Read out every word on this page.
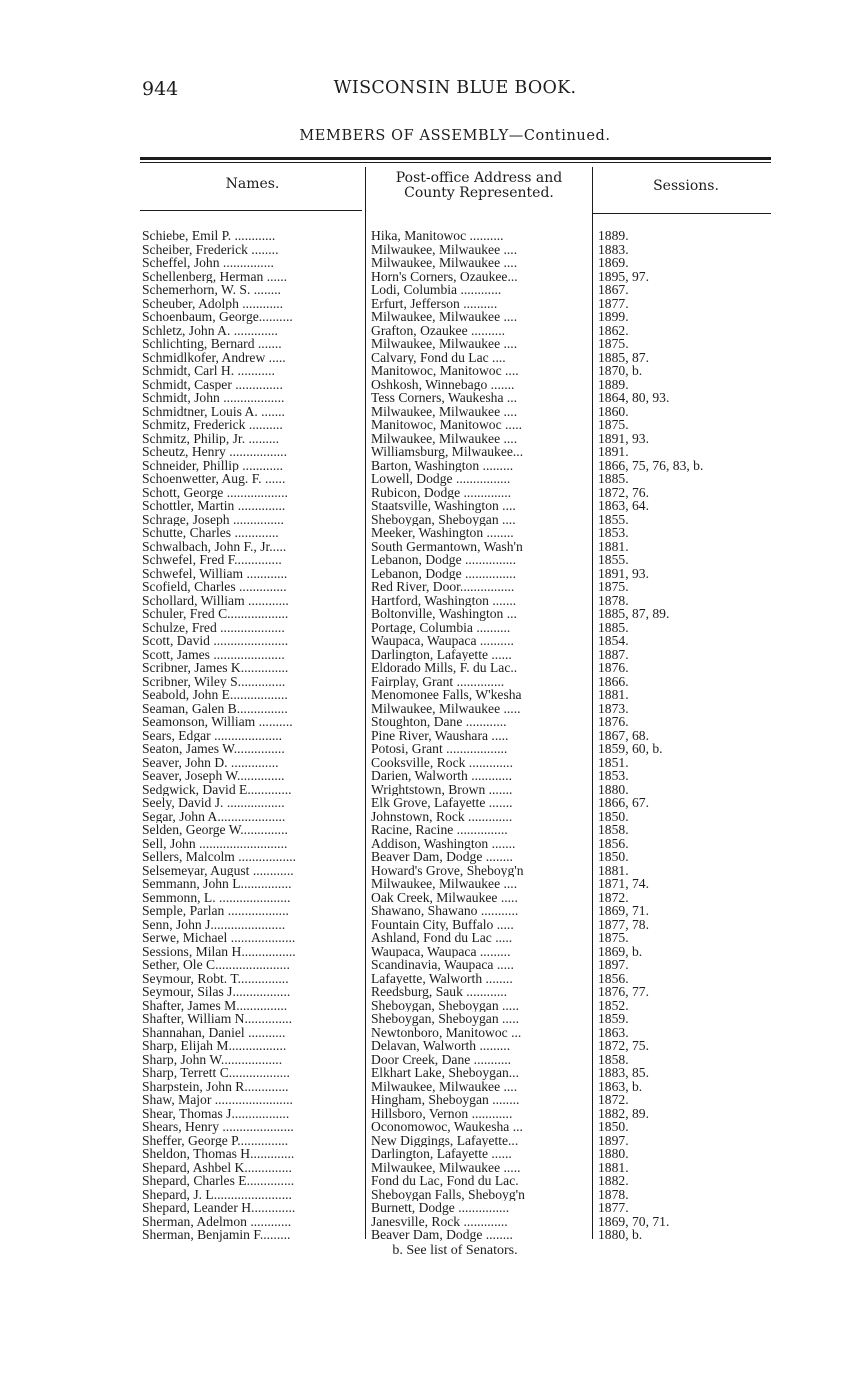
944	WISCONSIN BLUE BOOK.
MEMBERS OF ASSEMBLY—Continued.
Names.	Post-office Address and County Represented.	Sessions.
Schiebe, Emil P. ............	Hika, Manitowoc ..........	1889.
Scheiber, Frederick ........	Milwaukee, Milwaukee ....	1883.
Scheffel, John ...............	Milwaukee, Milwaukee ....	1869.
Schellenberg, Herman ......	Horn's Corners, Ozaukee...	1895, 97.
Schemerhorn, W. S. ........	Lodi, Columbia ............	1867.
Scheuber, Adolph ............	Erfurt, Jefferson ..........	1877.
Schoenbaum, George..........	Milwaukee, Milwaukee ....	1899.
Schletz, John A. .............	Grafton, Ozaukee ..........	1862.
Schlichting, Bernard .......	Milwaukee, Milwaukee ....	1875.
Schmidlkofer, Andrew .....	Calvary, Fond du Lac ....	1885, 87.
Schmidt, Carl H. ...........	Manitowoc, Manitowoc ....	1870, b.
Schmidt, Casper ..............	Oshkosh, Winnebago .......	1889.
Schmidt, John ..................	Tess Corners, Waukesha ...	1864, 80, 93.
Schmidtner, Louis A. .......	Milwaukee, Milwaukee ....	1860.
Schmitz, Frederick ..........	Manitowoc, Manitowoc .....	1875.
Schmitz, Philip, Jr. .........	Milwaukee, Milwaukee ....	1891, 93.
Scheutz, Henry .................	Williamsburg, Milwaukee...	1891.
Schneider, Phillip ............	Barton, Washington .........	1866, 75, 76, 83, b.
Schoenwetter, Aug. F. ......	Lowell, Dodge ................	1885.
Schott, George ..................	Rubicon, Dodge ..............	1872, 76.
Schottler, Martin ..............	Staatsville, Washington ....	1863, 64.
Schrage, Joseph ...............	Sheboygan, Sheboygan ....	1855.
Schutte, Charles .............	Meeker, Washington ........	1853.
Schwalbach, John F., Jr.....	South Germantown, Wash'n	1881.
Schwefel, Fred F..............	Lebanon, Dodge ...............	1855.
Schwefel, William ............	Lebanon, Dodge ...............	1891, 93.
Scofield, Charles ..............	Red River, Door................	1875.
Schollard, William ............	Hartford, Washington .......	1878.
Schuler, Fred C..................	Boltonville, Washington ...	1885, 87, 89.
Schulze, Fred ...................	Portage, Columbia ..........	1885.
Scott, David ......................	Waupaca, Waupaca ..........	1854.
Scott, James .....................	Darlington, Lafayette ......	1887.
Scribner, James K..............	Eldorado Mills, F. du Lac..	1876.
Scribner, Wiley S..............	Fairplay, Grant ..............	1866.
Seabold, John E.................	Menomonee Falls, W'kesha	1881.
Seaman, Galen B...............	Milwaukee, Milwaukee .....	1873.
Seamonson, William ..........	Stoughton, Dane ............	1876.
Sears, Edgar ....................	Pine River, Waushara .....	1867, 68.
Seaton, James W...............	Potosi, Grant ..................	1859, 60, b.
Seaver, John D. ..............	Cooksville, Rock .............	1851.
Seaver, Joseph W..............	Darien, Walworth ............	1853.
Sedgwick, David E.............	Wrightstown, Brown .......	1880.
Seely, David J. .................	Elk Grove, Lafayette .......	1866, 67.
Segar, John A....................	Johnstown, Rock .............	1850.
Selden, George W..............	Racine, Racine ...............	1858.
Sell, John ..........................	Addison, Washington .......	1856.
Sellers, Malcolm .................	Beaver Dam, Dodge ........	1850.
Selsemeyar, August ............	Howard's Grove, Sheboyg'n	1881.
Semmann, John L...............	Milwaukee, Milwaukee ....	1871, 74.
Semmonn, L. .....................	Oak Creek, Milwaukee .....	1872.
Semple, Parlan ..................	Shawano, Shawano ...........	1869, 71.
Senn, John J......................	Fountain City, Buffalo .....	1877, 78.
Serwe, Michael ...................	Ashland, Fond du Lac .....	1875.
Sessions, Milan H................	Waupaca, Waupaca .........	1869, b.
Sether, Ole C......................	Scandinavia, Waupaca .....	1897.
Seymour, Robt. T...............	Lafayette, Walworth ........	1856.
Seymour, Silas J.................	Reedsburg, Sauk ............	1876, 77.
Shafter, James M...............	Sheboygan, Sheboygan .....	1852.
Shafter, William N..............	Sheboygan, Sheboygan .....	1859.
Shannahan, Daniel ...........	Newtonboro, Manitowoc ...	1863.
Sharp, Elijah M.................	Delavan, Walworth .........	1872, 75.
Sharp, John W..................	Door Creek, Dane ...........	1858.
Sharp, Terrett C..................	Elkhart Lake, Sheboygan...	1883, 85.
Sharpstein, John R.............	Milwaukee, Milwaukee ....	1863, b.
Shaw, Major .......................	Hingham, Sheboygan ........	1872.
Shear, Thomas J.................	Hillsboro, Vernon ............	1882, 89.
Shears, Henry .....................	Oconomowoc, Waukesha ...	1850.
Sheffer, George P...............	New Diggings, Lafayette...	1897.
Sheldon, Thomas H.............	Darlington, Lafayette ......	1880.
Shepard, Ashbel K..............	Milwaukee, Milwaukee .....	1881.
Shepard, Charles E..............	Fond du Lac, Fond du Lac.	1882.
Shepard, J. L.......................	Sheboygan Falls, Sheboyg'n	1878.
Shepard, Leander H.............	Burnett, Dodge ...............	1877.
Sherman, Adelmon ............	Janesville, Rock .............	1869, 70, 71.
Sherman, Benjamin F.........	Beaver Dam, Dodge ........	1880, b.
b. See list of Senators.
